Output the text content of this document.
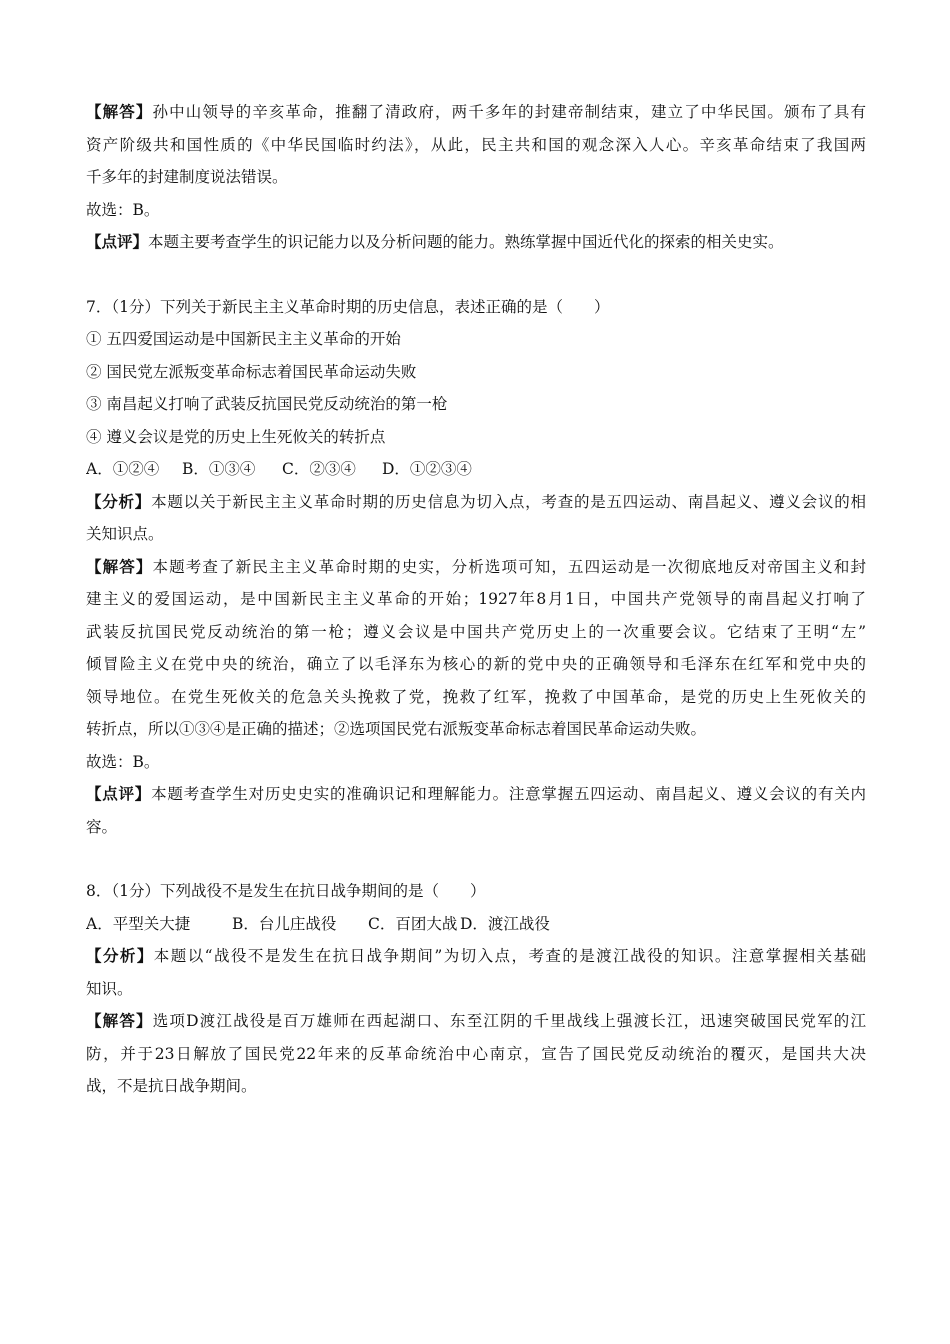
【解答】孙中山领导的辛亥革命，推翻了清政府，两千多年的封建帝制结束，建立了中华民国。颁布了具有
资产阶级共和国性质的《中华民国临时约法》，从此，民主共和国的观念深入人心。辛亥革命结束了我国两
千多年的封建制度说法错误。
故选：B。
【点评】本题主要考查学生的识记能力以及分析问题的能力。熟练掌握中国近代化的探索的相关史实。
7．（1分）下列关于新民主主义革命时期的历史信息，表述正确的是（　　）
① 五四爱国运动是中国新民主主义革命的开始
② 国民党左派叛变革命标志着国民革命运动失败
③ 南昌起义打响了武装反抗国民党反动统治的第一枪
④ 遵义会议是党的历史上生死攸关的转折点
A．①②④ B．①③④ C．②③④ D．①②③④
【分析】本题以关于新民主主义革命时期的历史信息为切入点，考查的是五四运动、南昌起义、遵义会议的相
关知识点。
【解答】本题考查了新民主主义革命时期的史实，分析选项可知，五四运动是一次彻底地反对帝国主义和封
建主义的爱国运动，是中国新民主主义革命的开始；1927年8月1日，中国共产党领导的南昌起义打响了
武装反抗国民党反动统治的第一枪；遵义会议是中国共产党历史上的一次重要会议。它结束了王明“左”
倾冒险主义在党中央的统治，确立了以毛泽东为核心的新的党中央的正确领导和毛泽东在红军和党中央的
领导地位。在党生死攸关的危急关头挽救了党，挽救了红军，挽救了中国革命，是党的历史上生死攸关的
转折点，所以①③④是正确的描述；②选项国民党右派叛变革命标志着国民革命运动失败。
故选：B。
【点评】本题考查学生对历史史实的准确识记和理解能力。注意掌握五四运动、南昌起义、遵义会议的有关内
容。
8．（1分）下列战役不是发生在抗日战争期间的是（　　）
A．平型关大捷	B．台儿庄战役 C．百团大战 D．渡江战役
【分析】本题以“战役不是发生在抗日战争期间”为切入点，考查的是渡江战役的知识。注意掌握相关基础
知识。
【解答】选项D渡江战役是百万雄师在西起湖口、东至江阴的千里战线上强渡长江，迅速突破国民党军的江
防，并于23日解放了国民党22年来的反革命统治中心南京，宣告了国民党反动统治的覆灭，是国共大决
战，不是抗日战争期间。
